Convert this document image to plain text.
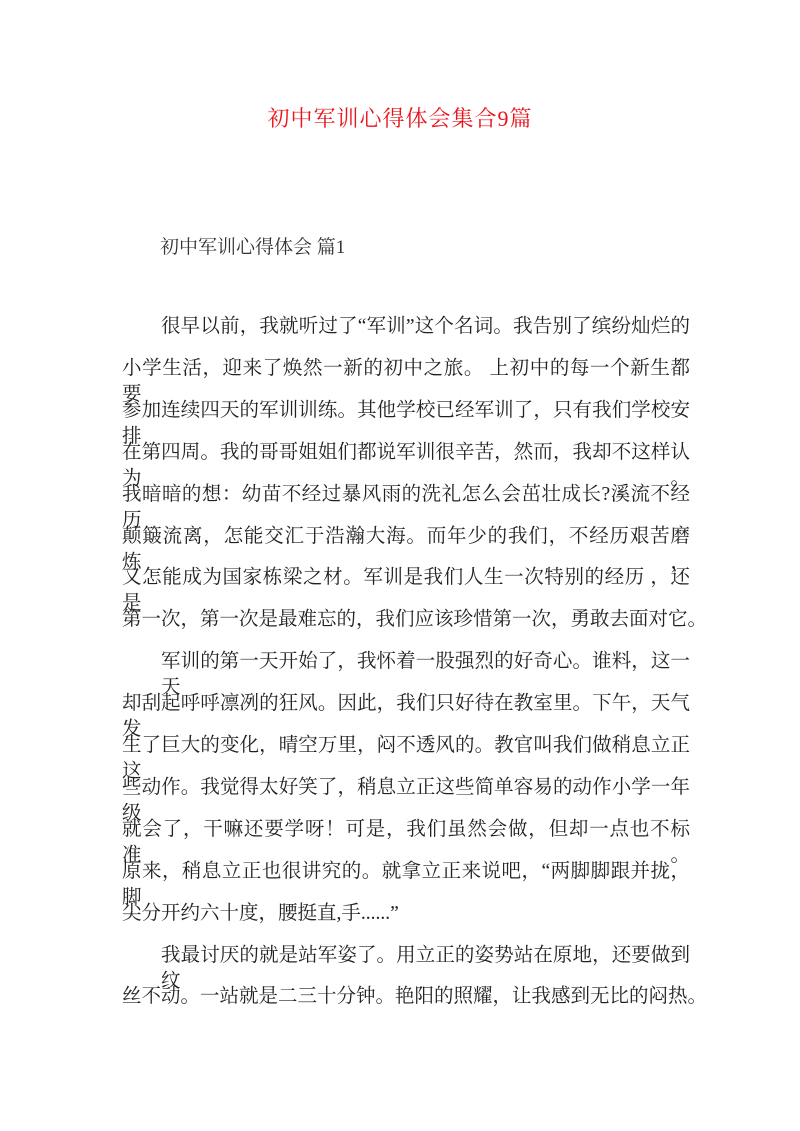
初中军训心得体会集合9篇
初中军训心得体会 篇1
很早以前，我就听过了“军训”这个名词。我告别了缤纷灿烂的
小学生活，迎来了焕然一新的初中之旅。 上初中的每一个新生都要
参加连续四天的军训训练。其他学校已经军训了，只有我们学校安排
在第四周。我的哥哥姐姐们都说军训很辛苦，然而，我却不这样认为。
我暗暗的想：幼苗不经过暴风雨的洗礼怎么会茁壮成长?溪流不经历
颠簸流离，怎能交汇于浩瀚大海。而年少的我们，不经历艰苦磨炼，
又怎能成为国家栋梁之材。军训是我们人生一次特别的经历 ，还是
第一次，第一次是最难忘的，我们应该珍惜第一次，勇敢去面对它。
军训的第一天开始了，我怀着一股强烈的好奇心。谁料，这一天
却刮起呼呼凛冽的狂风。因此，我们只好待在教室里。下午，天气发
生了巨大的变化，晴空万里，闷不透风的。教官叫我们做稍息立正这
些动作。我觉得太好笑了，稍息立正这些简单容易的动作小学一年级
就会了，干嘛还要学呀！可是，我们虽然会做，但却一点也不标准。
原来，稍息立正也很讲究的。就拿立正来说吧，“两脚脚跟并拢，脚
尖分开约六十度，腰挺直,手......”
我最讨厌的就是站军姿了。用立正的姿势站在原地，还要做到纹
丝不动。一站就是二三十分钟。艳阳的照耀，让我感到无比的闷热。
